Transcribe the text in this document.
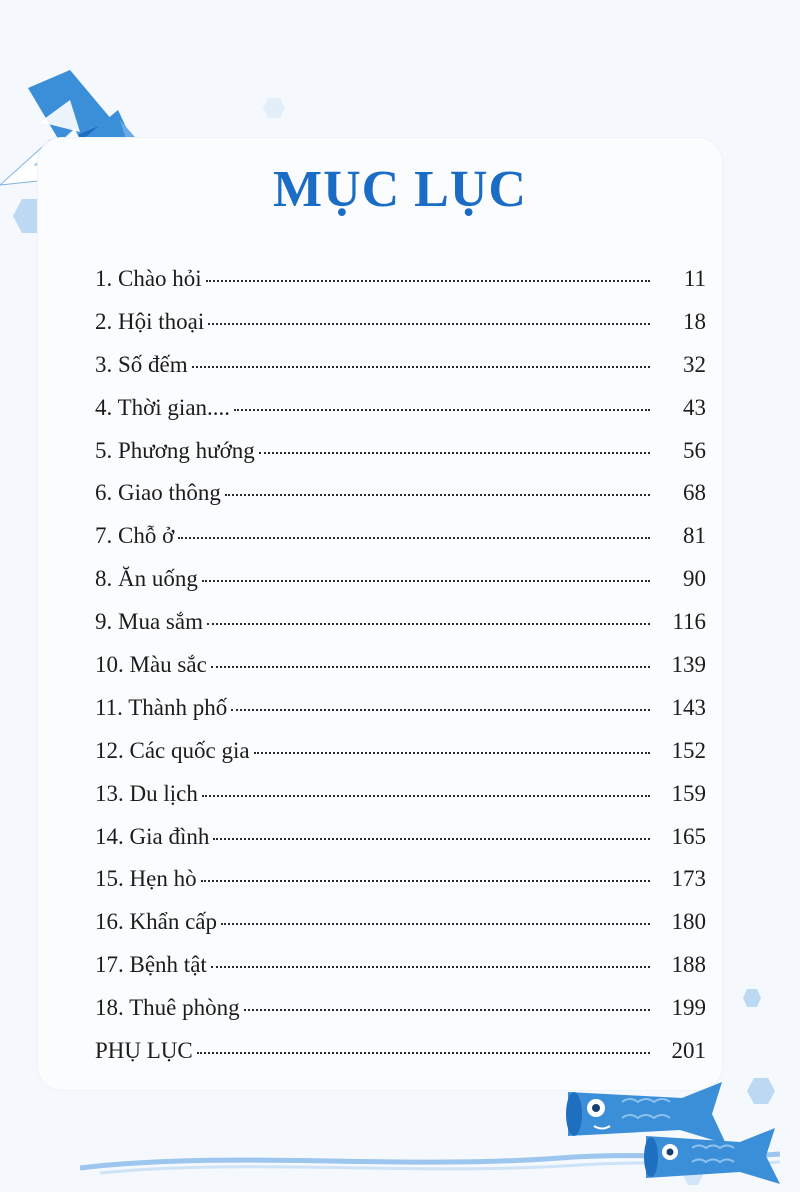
MỤC LỤC
1. Chào hỏi	11
2. Hội thoại	18
3. Số đếm	32
4. Thời gian....	43
5. Phương hướng	56
6. Giao thông	68
7. Chỗ ở	81
8. Ăn uống	90
9. Mua sắm	116
10. Màu sắc	139
11. Thành phố	143
12. Các quốc gia	152
13. Du lịch	159
14. Gia đình	165
15. Hẹn hò	173
16. Khẩn cấp	180
17. Bệnh tật	188
18. Thuê phòng	199
PHỤ LỤC	201
